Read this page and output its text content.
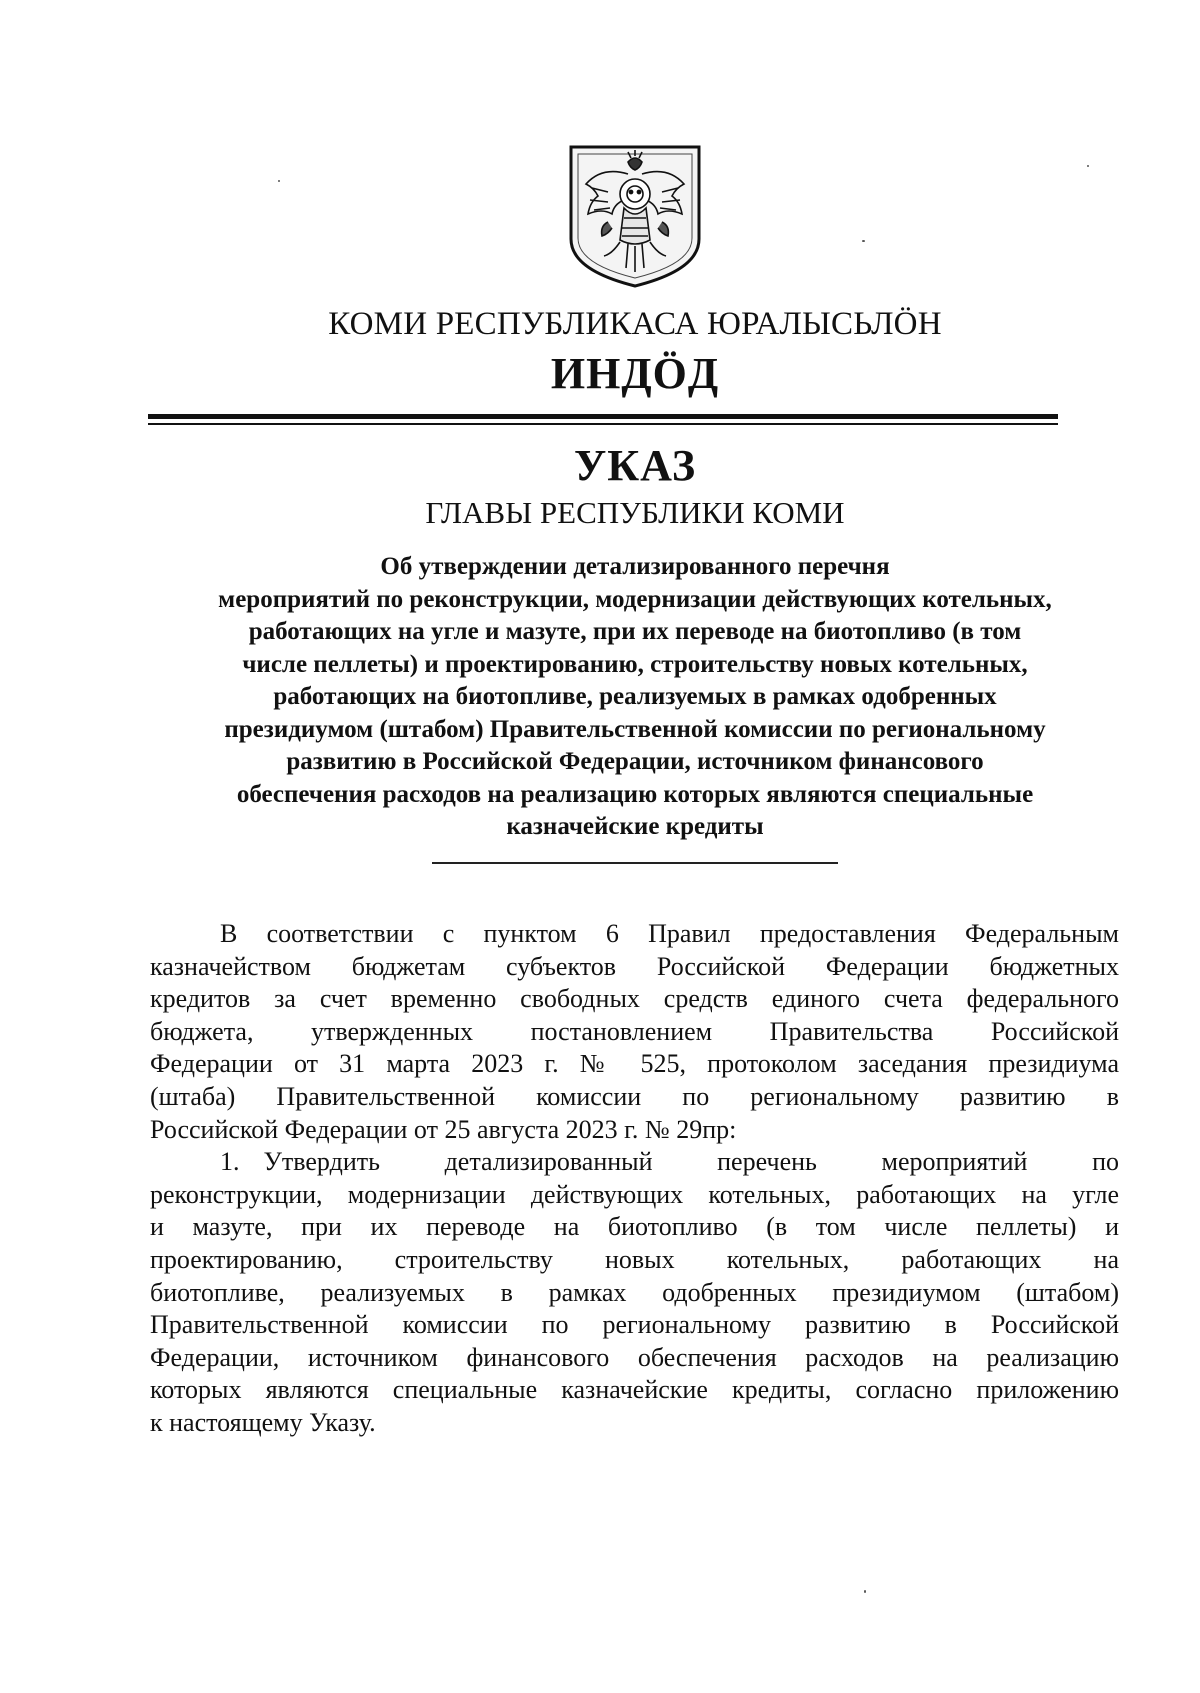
КОМИ РЕСПУБЛИКАСА ЮРАЛЫСЬЛӦН
ИНДӦД
УКАЗ
ГЛАВЫ РЕСПУБЛИКИ КОМИ
Об утверждении детализированного перечня
мероприятий по реконструкции, модернизации действующих котельных,
работающих на угле и мазуте, при их переводе на биотопливо (в том
числе пеллеты) и проектированию, строительству новых котельных,
работающих на биотопливе, реализуемых в рамках одобренных
президиумом (штабом) Правительственной комиссии по региональному
развитию в Российской Федерации, источником финансового
обеспечения расходов на реализацию которых являются специальные
казначейские кредиты
В соответствии с пунктом 6 Правил предоставления Федеральным
казначейством бюджетам субъектов Российской Федерации бюджетных
кредитов за счет временно свободных средств единого счета федерального
бюджета, утвержденных постановлением Правительства Российской
Федерации от 31 марта 2023 г. № 525, протоколом заседания президиума
(штаба) Правительственной комиссии по региональному развитию в
Российской Федерации от 25 августа 2023 г. № 29пр:
1. Утвердить детализированный перечень мероприятий по
реконструкции, модернизации действующих котельных, работающих на угле
и мазуте, при их переводе на биотопливо (в том числе пеллеты) и
проектированию, строительству новых котельных, работающих на
биотопливе, реализуемых в рамках одобренных президиумом (штабом)
Правительственной комиссии по региональному развитию в Российской
Федерации, источником финансового обеспечения расходов на реализацию
которых являются специальные казначейские кредиты, согласно приложению
к настоящему Указу.
